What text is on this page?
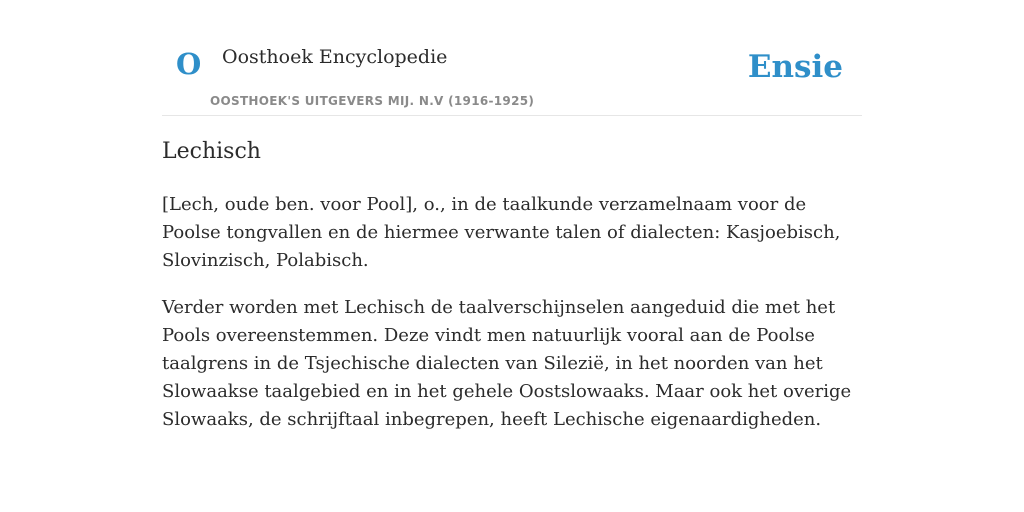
O Oosthoek Encyclopedie
OOSTHOEK'S UITGEVERS MIJ. N.V (1916-1925)
Ensie
Lechisch

[Lech, oude ben. voor Pool], o., in de taalkunde verzamelnaam voor de Poolse tongvallen en de hiermee verwante talen of dialecten: Kasjoebisch, Slovinzisch, Polabisch.

Verder worden met Lechisch de taalverschijnselen aangeduid die met het Pools overeenstemmen. Deze vindt men natuurlijk vooral aan de Poolse taalgrens in de Tsjechische dialecten van Silezië, in het noorden van het Slowaakse taalgebied en in het gehele Oostslowaaks. Maar ook het overige Slowaaks, de schrijftaal inbegrepen, heeft Lechische eigenaardigheden.
